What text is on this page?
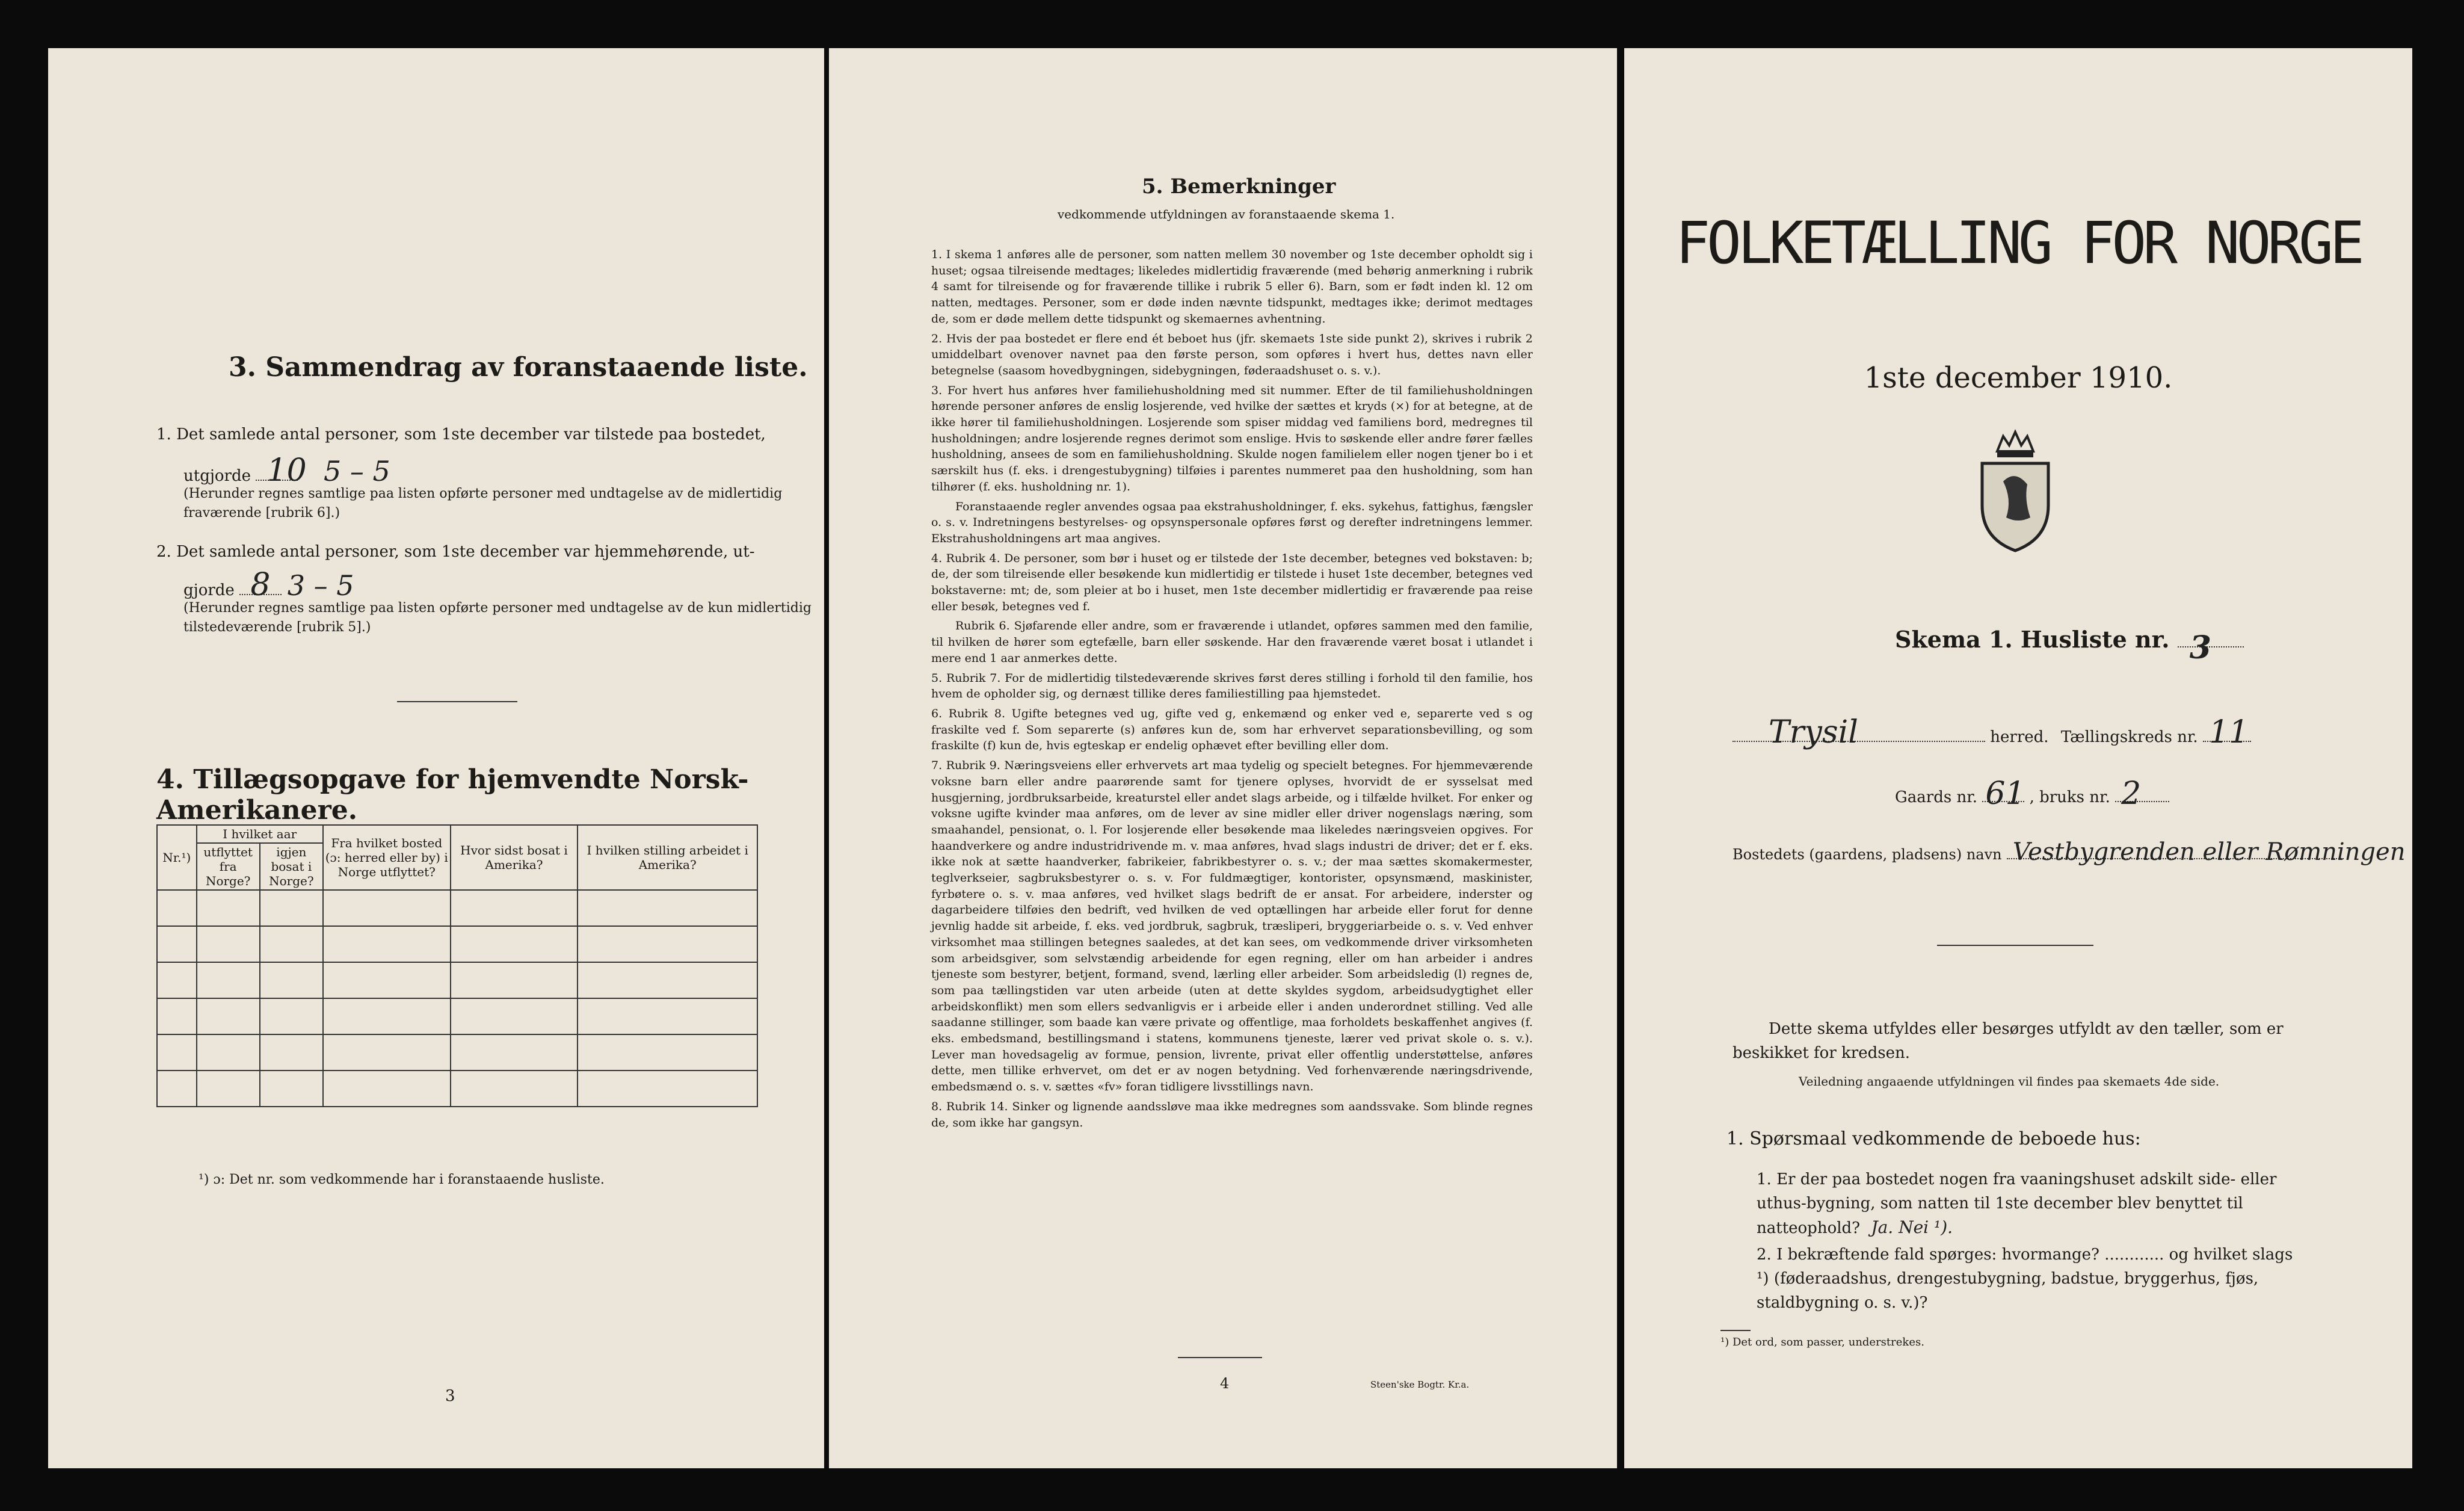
3. Sammendrag av foranstaaende liste.
1. Det samlede antal personer, som 1ste december var tilstede paa bostedet,
utgjorde 10 5 – 5
(Herunder regnes samtlige paa listen opførte personer med undtagelse av de midlertidig fraværende [rubrik 6].)
2. Det samlede antal personer, som 1ste december var hjemmehørende, ut-
gjorde 8 3 – 5
(Herunder regnes samtlige paa listen opførte personer med undtagelse av de kun midlertidig tilstedeværende [rubrik 5].)
4. Tillægsopgave for hjemvendte Norsk-Amerikanere.
Nr.¹)	I hvilket aar		Fra hvilket bosted (ɔ: herred eller by) i Norge utflyttet?	Hvor sidst bosat i Amerika?	I hvilken stilling arbeidet i Amerika?
	utflyttet fra Norge?	igjen bosat i Norge?			

¹) ɔ: Det nr. som vedkommende har i foranstaaende husliste.
3
5. Bemerkninger
vedkommende utfyldningen av foranstaaende skema 1.

1. I skema 1 anføres alle de personer, som natten mellem 30 november og 1ste december opholdt sig i huset; ogsaa tilreisende medtages; likeledes midlertidig fraværende (med behørig anmerkning i rubrik 4 samt for tilreisende og for fraværende tillike i rubrik 5 eller 6). Barn, som er født inden kl. 12 om natten, medtages. Personer, som er døde inden nævnte tidspunkt, medtages ikke; derimot medtages de, som er døde mellem dette tidspunkt og skemaernes avhentning.

2. Hvis der paa bostedet er flere end ét beboet hus (jfr. skemaets 1ste side punkt 2), skrives i rubrik 2 umiddelbart ovenover navnet paa den første person, som opføres i hvert hus, dettes navn eller betegnelse (saasom hovedbygningen, sidebygningen, føderaadshuset o. s. v.).

3. For hvert hus anføres hver familiehusholdning med sit nummer. Efter de til familiehusholdningen hørende personer anføres de enslig losjerende, ved hvilke der sættes et kryds (×) for at betegne, at de ikke hører til familiehusholdningen. Losjerende som spiser middag ved familiens bord, medregnes til husholdningen; andre losjerende regnes derimot som enslige. Hvis to søskende eller andre fører fælles husholdning, ansees de som en familiehusholdning. Skulde nogen familielem eller nogen tjener bo i et særskilt hus (f. eks. i drengestubygning) tilføies i parentes nummeret paa den husholdning, som han tilhører (f. eks. husholdning nr. 1).

Foranstaaende regler anvendes ogsaa paa ekstrahusholdninger, f. eks. sykehus, fattighus, fængsler o. s. v. Indretningens bestyrelses- og opsynspersonale opføres først og derefter indretningens lemmer. Ekstrahusholdningens art maa angives.

4. Rubrik 4. De personer, som bør i huset og er tilstede der 1ste december, betegnes ved bokstaven: b; de, der som tilreisende eller besøkende kun midlertidig er tilstede i huset 1ste december, betegnes ved bokstaverne: mt; de, som pleier at bo i huset, men 1ste december midlertidig er fraværende paa reise eller besøk, betegnes ved f.

Rubrik 6. Sjøfarende eller andre, som er fraværende i utlandet, opføres sammen med den familie, til hvilken de hører som egtefælle, barn eller søskende. Har den fraværende været bosat i utlandet i mere end 1 aar anmerkes dette.

5. Rubrik 7. For de midlertidig tilstedeværende skrives først deres stilling i forhold til den familie, hos hvem de opholder sig, og dernæst tillike deres familiestilling paa hjemstedet.

6. Rubrik 8. Ugifte betegnes ved ug, gifte ved g, enkemænd og enker ved e, separerte ved s og fraskilte ved f. Som separerte (s) anføres kun de, som har erhvervet separationsbevilling, og som fraskilte (f) kun de, hvis egteskap er endelig ophævet efter bevilling eller dom.

7. Rubrik 9. Næringsveiens eller erhvervets art maa tydelig og specielt betegnes. For hjemmeværende voksne barn eller andre paarørende samt for tjenere oplyses, hvorvidt de er sysselsat med husgjerning, jordbruksarbeide, kreaturstel eller andet slags arbeide, og i tilfælde hvilket. For enker og voksne ugifte kvinder maa anføres, om de lever av sine midler eller driver nogenslags næring, som smaahandel, pensionat, o. l. For losjerende eller besøkende maa likeledes næringsveien opgives. For haandverkere og andre industridrivende m. v. maa anføres, hvad slags industri de driver; det er f. eks. ikke nok at sætte haandverker, fabrikeier, fabrikbestyrer o. s. v.; der maa sættes skomakermester, teglverkseier, sagbruksbestyrer o. s. v. For fuldmægtiger, kontorister, opsynsmænd, maskinister, fyrbøtere o. s. v. maa anføres, ved hvilket slags bedrift de er ansat. For arbeidere, inderster og dagarbeidere tilføies den bedrift, ved hvilken de ved optællingen har arbeide eller forut for denne jevnlig hadde sit arbeide, f. eks. ved jordbruk, sagbruk, træsliperi, bryggeriarbeide o. s. v. Ved enhver virksomhet maa stillingen betegnes saaledes, at det kan sees, om vedkommende driver virksomheten som arbeidsgiver, som selvstændig arbeidende for egen regning, eller om han arbeider i andres tjeneste som bestyrer, betjent, formand, svend, lærling eller arbeider. Som arbeidsledig (l) regnes de, som paa tællingstiden var uten arbeide (uten at dette skyldes sygdom, arbeidsudygtighet eller arbeidskonflikt) men som ellers sedvanligvis er i arbeide eller i anden underordnet stilling. Ved alle saadanne stillinger, som baade kan være private og offentlige, maa forholdets beskaffenhet angives (f. eks. embedsmand, bestillingsmand i statens, kommunens tjeneste, lærer ved privat skole o. s. v.). Lever man hovedsagelig av formue, pension, livrente, privat eller offentlig understøttelse, anføres dette, men tillike erhvervet, om det er av nogen betydning. Ved forhenværende næringsdrivende, embedsmænd o. s. v. sættes «fv» foran tidligere livsstillings navn.

8. Rubrik 14. Sinker og lignende aandssløve maa ikke medregnes som aandssvake. Som blinde regnes de, som ikke har gangsyn.

4	Steen'ske Bogtr. Kr.a.
FOLKETÆLLING FOR NORGE
1ste december 1910.
Skema 1. Husliste nr. 3
Trysil	herred. Tællingskreds nr. 11
Gaards nr. 61 , bruks nr. 2
Bostedets (gaardens, pladsens) navn Vestbygrenden eller Rømningen
Dette skema utfyldes eller besørges utfyldt av den tæller, som er beskikket for kredsen.
Veiledning angaaende utfyldningen vil findes paa skemaets 4de side.
1. Spørsmaal vedkommende de beboede hus:
1. Er der paa bostedet nogen fra vaaningshuset adskilt side- eller uthus-bygning, som natten til 1ste december blev benyttet til natteophold? Ja. Nei ¹).
2. I bekræftende fald spørges: hvormange? ............ og hvilket slags ¹) (føderaadshus, drengestubygning, badstue, bryggerhus, fjøs, staldbygning o. s. v.)?
¹) Det ord, som passer, understrekes.
